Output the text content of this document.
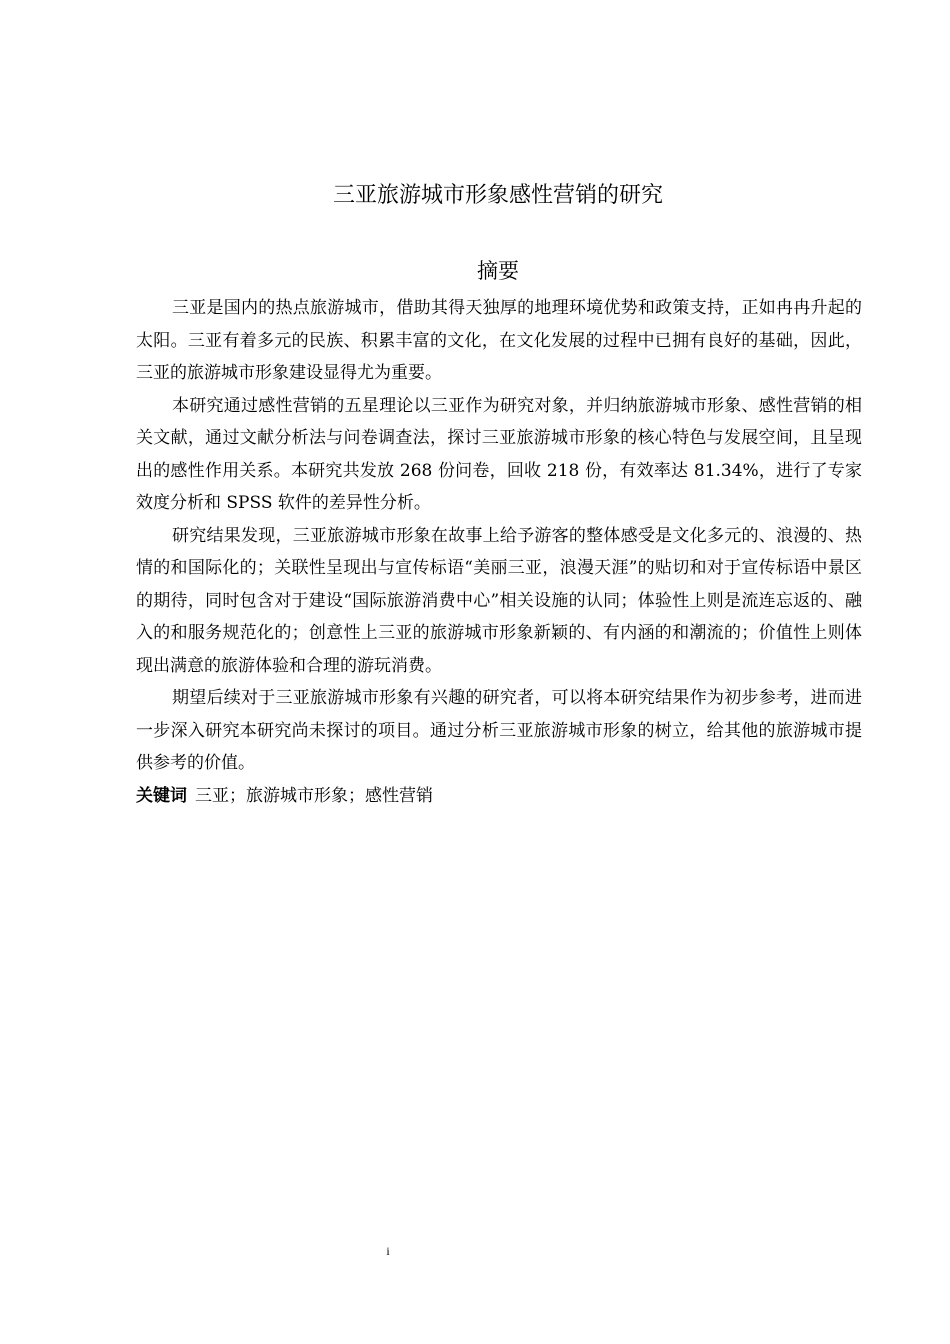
三亚旅游城市形象感性营销的研究
摘要

三亚是国内的热点旅游城市，借助其得天独厚的地理环境优势和政策支持，正如冉冉升起的太阳。三亚有着多元的民族、积累丰富的文化，在文化发展的过程中已拥有良好的基础，因此，三亚的旅游城市形象建设显得尤为重要。

本研究通过感性营销的五星理论以三亚作为研究对象，并归纳旅游城市形象、感性营销的相关文献，通过文献分析法与问卷调查法，探讨三亚旅游城市形象的核心特色与发展空间，且呈现出的感性作用关系。本研究共发放 268 份问卷，回收 218 份，有效率达 81.34%，进行了专家效度分析和 SPSS 软件的差异性分析。

研究结果发现，三亚旅游城市形象在故事上给予游客的整体感受是文化多元的、浪漫的、热情的和国际化的；关联性呈现出与宣传标语“美丽三亚，浪漫天涯”的贴切和对于宣传标语中景区的期待，同时包含对于建设“国际旅游消费中心”相关设施的认同；体验性上则是流连忘返的、融入的和服务规范化的；创意性上三亚的旅游城市形象新颖的、有内涵的和潮流的；价值性上则体现出满意的旅游体验和合理的游玩消费。

期望后续对于三亚旅游城市形象有兴趣的研究者，可以将本研究结果作为初步参考，进而进一步深入研究本研究尚未探讨的项目。通过分析三亚旅游城市形象的树立，给其他的旅游城市提供参考的价值。

关键词 三亚；旅游城市形象；感性营销

i
